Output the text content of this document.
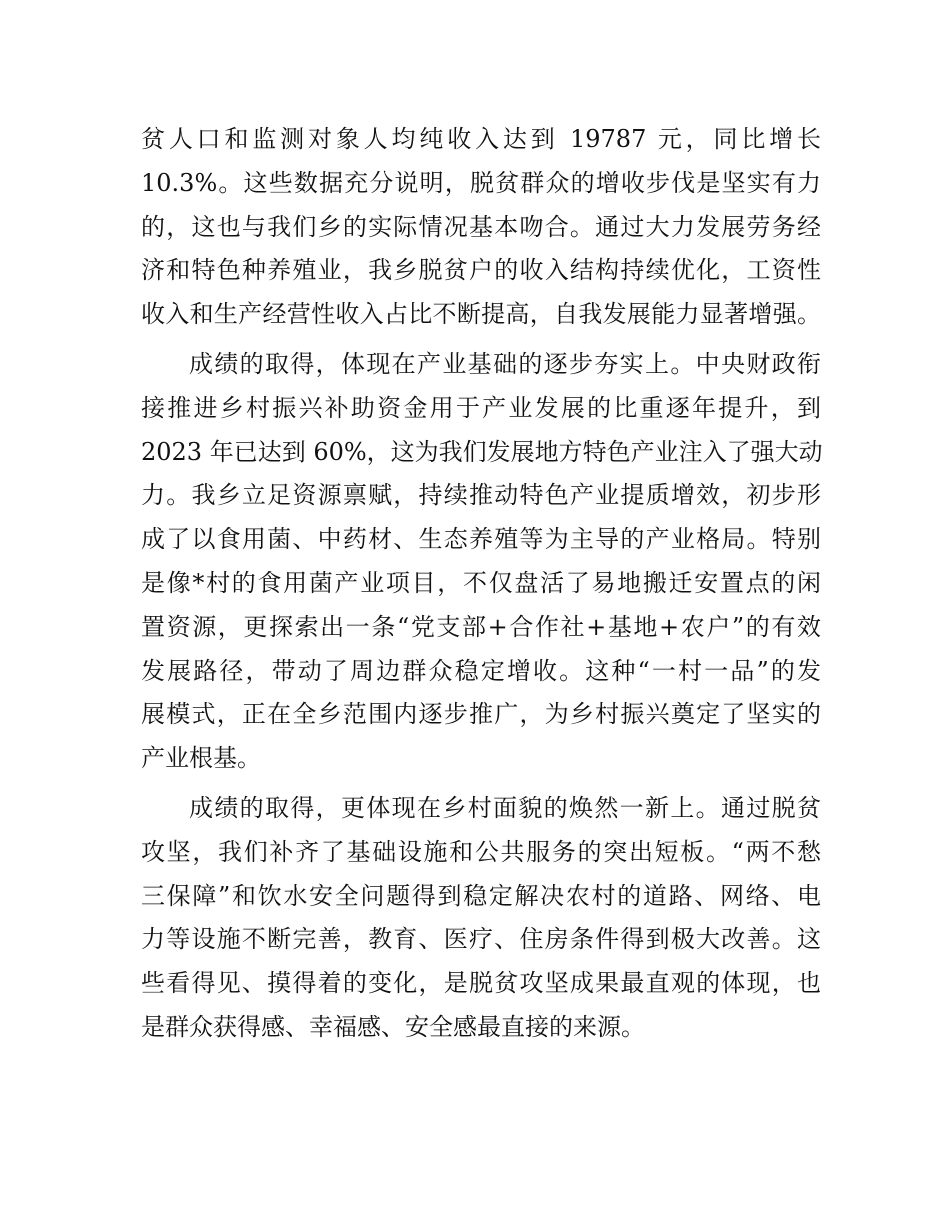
贫人口和监测对象人均纯收入达到 19787 元，同比增长
10.3%。这些数据充分说明，脱贫群众的增收步伐是坚实有力
的，这也与我们乡的实际情况基本吻合。通过大力发展劳务经
济和特色种养殖业，我乡脱贫户的收入结构持续优化，工资性
收入和生产经营性收入占比不断提高，自我发展能力显著增强。
成绩的取得，体现在产业基础的逐步夯实上。中央财政衔
接推进乡村振兴补助资金用于产业发展的比重逐年提升，到
2023 年已达到 60%，这为我们发展地方特色产业注入了强大动
力。我乡立足资源禀赋，持续推动特色产业提质增效，初步形
成了以食用菌、中药材、生态养殖等为主导的产业格局。特别
是像*村的食用菌产业项目，不仅盘活了易地搬迁安置点的闲
置资源，更探索出一条“党支部+合作社+基地+农户”的有效
发展路径，带动了周边群众稳定增收。这种“一村一品”的发
展模式，正在全乡范围内逐步推广，为乡村振兴奠定了坚实的
产业根基。
成绩的取得，更体现在乡村面貌的焕然一新上。通过脱贫
攻坚，我们补齐了基础设施和公共服务的突出短板。“两不愁
三保障”和饮水安全问题得到稳定解决农村的道路、网络、电
力等设施不断完善，教育、医疗、住房条件得到极大改善。这
些看得见、摸得着的变化，是脱贫攻坚成果最直观的体现，也
是群众获得感、幸福感、安全感最直接的来源。
